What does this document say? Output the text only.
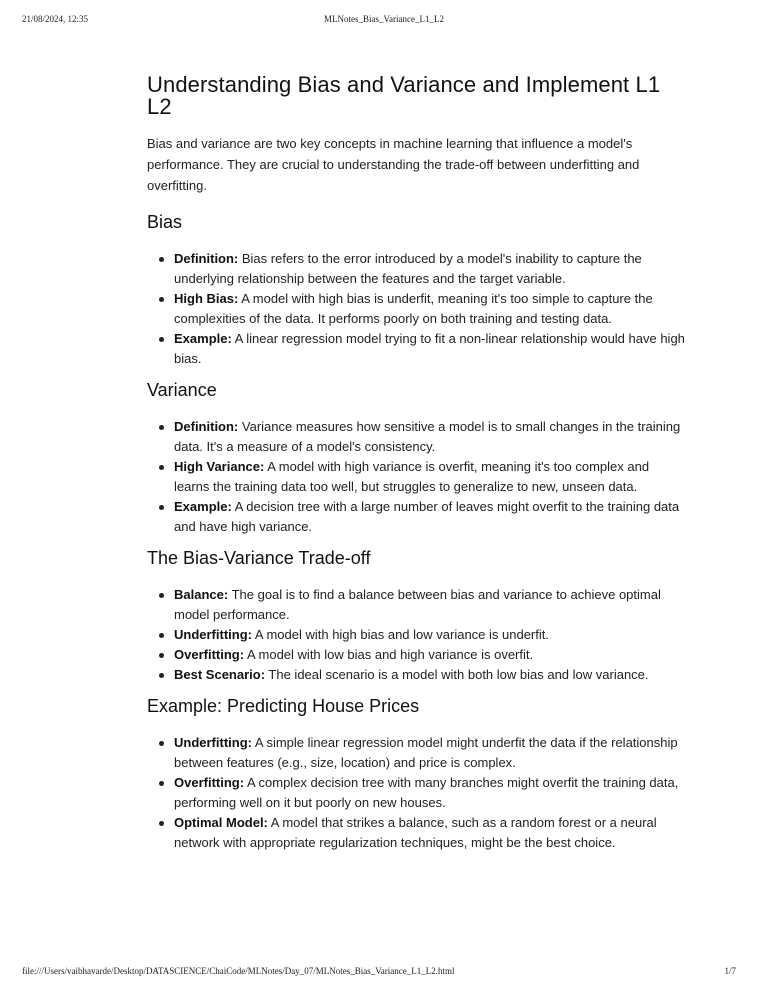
21/08/2024, 12:35	MLNotes_Bias_Variance_L1_L2
Understanding Bias and Variance and Implement L1 L2

Bias and variance are two key concepts in machine learning that influence a model's performance. They are crucial to understanding the trade-off between underfitting and overfitting.

Bias
Definition: Bias refers to the error introduced by a model's inability to capture the underlying relationship between the features and the target variable.
High Bias: A model with high bias is underfit, meaning it's too simple to capture the complexities of the data. It performs poorly on both training and testing data.
Example: A linear regression model trying to fit a non-linear relationship would have high bias.
Variance
Definition: Variance measures how sensitive a model is to small changes in the training data. It's a measure of a model's consistency.
High Variance: A model with high variance is overfit, meaning it's too complex and learns the training data too well, but struggles to generalize to new, unseen data.
Example: A decision tree with a large number of leaves might overfit to the training data and have high variance.
The Bias-Variance Trade-off
Balance: The goal is to find a balance between bias and variance to achieve optimal model performance.
Underfitting: A model with high bias and low variance is underfit.
Overfitting: A model with low bias and high variance is overfit.
Best Scenario: The ideal scenario is a model with both low bias and low variance.
Example: Predicting House Prices
Underfitting: A simple linear regression model might underfit the data if the relationship between features (e.g., size, location) and price is complex.
Overfitting: A complex decision tree with many branches might overfit the training data, performing well on it but poorly on new houses.
Optimal Model: A model that strikes a balance, such as a random forest or a neural network with appropriate regularization techniques, might be the best choice.
file:///Users/vaibhavarde/Desktop/DATASCIENCE/ChaiCode/MLNotes/Day_07/MLNotes_Bias_Variance_L1_L2.html	1/7
